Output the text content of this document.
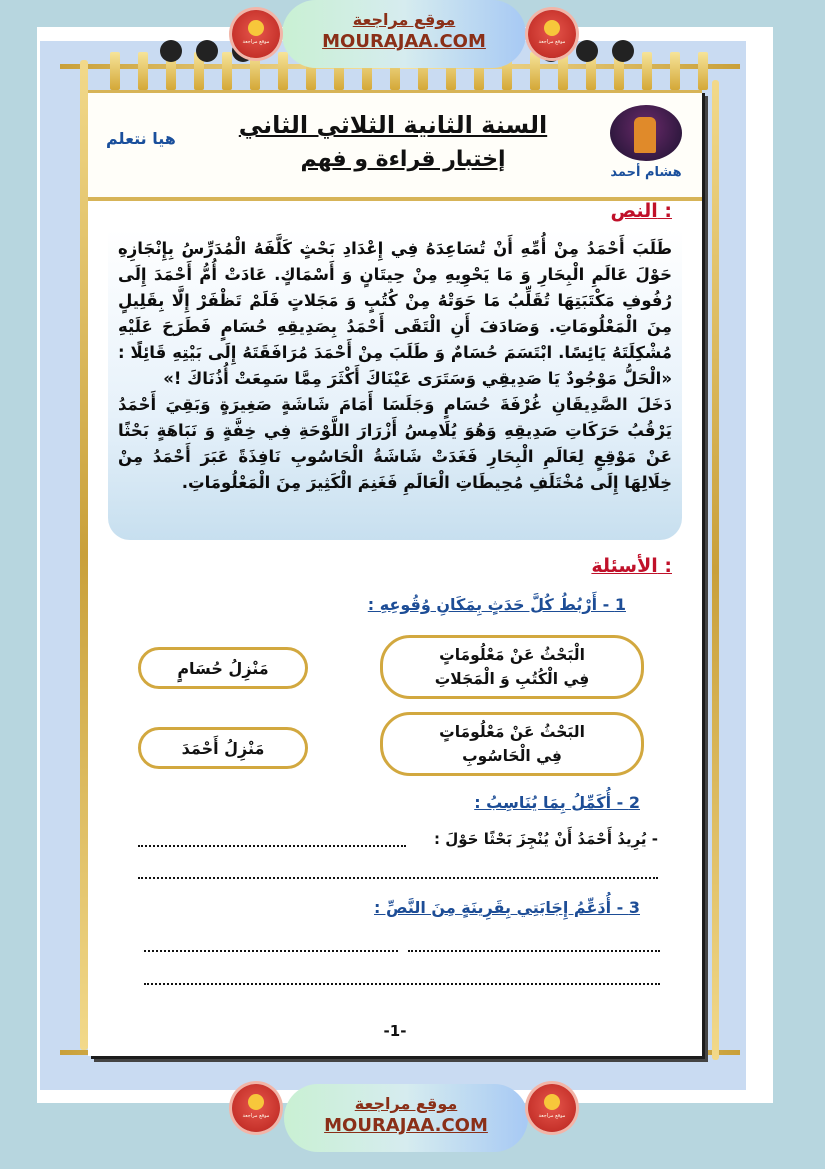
هيا نتعلم	السنة الثانية الثلاثي الثاني
إختبار قراءة و فهم
هشام أحمد
النص :

طَلَبَ أَحْمَدُ مِنْ أُمِّهِ أَنْ تُسَاعِدَهُ فِي إِعْدَادِ بَحْثٍ كَلَّفَهُ الْمُدَرِّسُ بِإِنْجَازِهِ حَوْلَ عَالَمِ الْبِحَارِ وَ مَا يَحْوِيهِ مِنْ حِيتَانٍ وَ أَسْمَاكٍ. عَادَتْ أُمُّ أَحْمَدَ إِلَى رُفُوفِ مَكْتَبَتِهَا تُقَلِّبُ مَا حَوَتْهُ مِنْ كُتُبٍ وَ مَجَلاتٍ فَلَمْ تَظْفَرْ إِلَّا بِقَلِيلٍ مِنَ الْمَعْلُومَاتِ. وَصَادَفَ أَنِ الْتَقَى أَحْمَدُ بِصَدِيقِهِ حُسَامٍ فَطَرَحَ عَلَيْهِ مُشْكِلَتَهُ يَائِسًا. ابْتَسَمَ حُسَامٌ وَ طَلَبَ مِنْ أَحْمَدَ مُرَافَقَتَهُ إِلَى بَيْتِهِ قَائِلًا : «الْحَلُّ مَوْجُودٌ يَا صَدِيقِي وَسَتَرَى عَيْنَاكَ أَكْثَرَ مِمَّا سَمِعَتْ أُذُنَاكَ !»

دَخَلَ الصَّدِيقَانِ غُرْفَةَ حُسَامٍ وَجَلَسَا أَمَامَ شَاشَةٍ صَغِيرَةٍ وَبَقِيَ أَحْمَدُ يَرْقُبُ حَرَكَاتِ صَدِيقِهِ وَهُوَ يُلَامِسُ أَزْرَارَ اللَّوْحَةِ فِي خِفَّةٍ وَ نَبَاهَةٍ بَحْثًا عَنْ مَوْقِعٍ لِعَالَمِ الْبِحَارِ فَغَدَتْ شَاشَةُ الْحَاسُوبِ نَافِذَةً عَبَرَ أَحْمَدُ مِنْ خِلَالِهَا إِلَى مُخْتَلَفِ مُحِيطَاتِ الْعَالَمِ فَغَنِمَ الْكَثِيرَ مِنَ الْمَعْلُومَاتِ.

الأسئلة :
1 - أَرْبُطُ كُلَّ حَدَثٍ بِمَكَانِ وُقُوعِهِ :
الْبَحْثُ عَنْ مَعْلُومَاتٍ
فِي الْكُتُبِ وَ الْمَجَلاتِ
البَحْثُ عَنْ مَعْلُومَاتٍ
فِي الْحَاسُوبِ
مَنْزِلُ حُسَامٍ
مَنْزِلُ أَحْمَدَ
2 - أُكَمِّلُ بِمَا يُنَاسِبُ :
- يُرِيدُ أَحْمَدُ أَنْ يُنْجِزَ بَحْثًا حَوْلَ :
3 - أُدَعِّمُ إِجَابَتِي بِقَرِينَةٍ مِنَ النَّصِّ :
-1-
موقع مراجعة
MOURAJAA.COM
موقع مراجعة	موقع مراجعة
موقع مراجعة
MOURAJAA.COM
موقع مراجعة	موقع مراجعة
